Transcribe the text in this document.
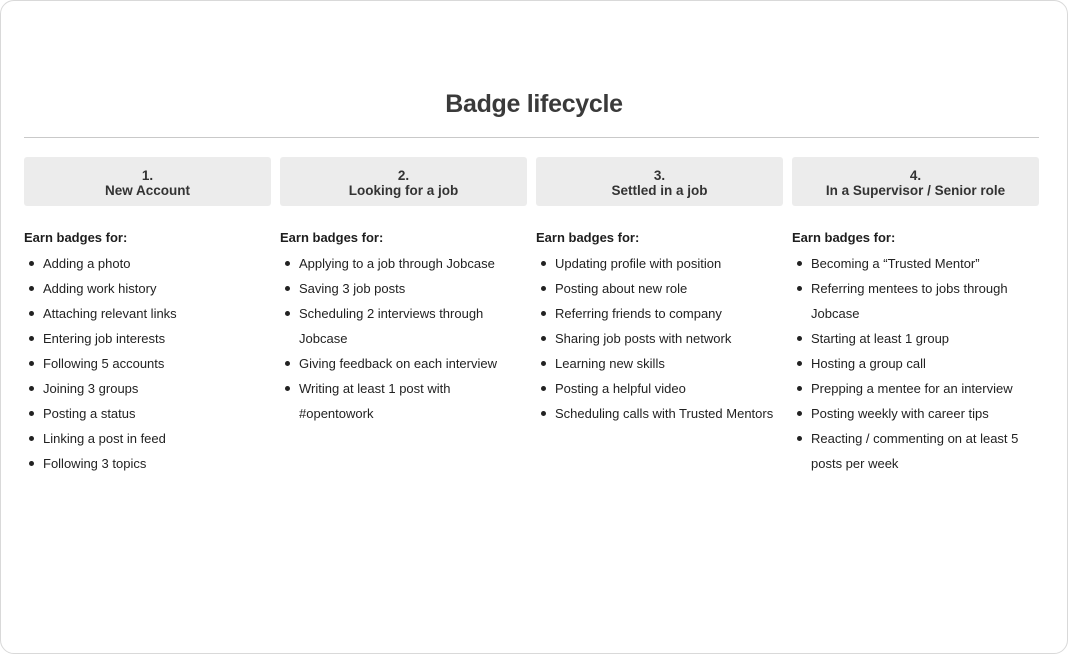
Badge lifecycle
1.
New Account
Earn badges for:
Adding a photo
Adding work history
Attaching relevant links
Entering job interests
Following 5 accounts
Joining 3 groups
Posting a status
Linking a post in feed
Following 3 topics
2.
Looking for a job
Earn badges for:
Applying to a job through Jobcase
Saving 3 job posts
Scheduling 2 interviews through Jobcase
Giving feedback on each interview
Writing at least 1 post with #opentowork
3.
Settled in a job
Earn badges for:
Updating profile with position
Posting about new role
Referring friends to company
Sharing job posts with network
Learning new skills
Posting a helpful video
Scheduling calls with Trusted Mentors
4.
In a Supervisor / Senior role
Earn badges for:
Becoming a “Trusted Mentor”
Referring mentees to jobs through Jobcase
Starting at least 1 group
Hosting a group call
Prepping a mentee for an interview
Posting weekly with career tips
Reacting / commenting on at least 5 posts per week
